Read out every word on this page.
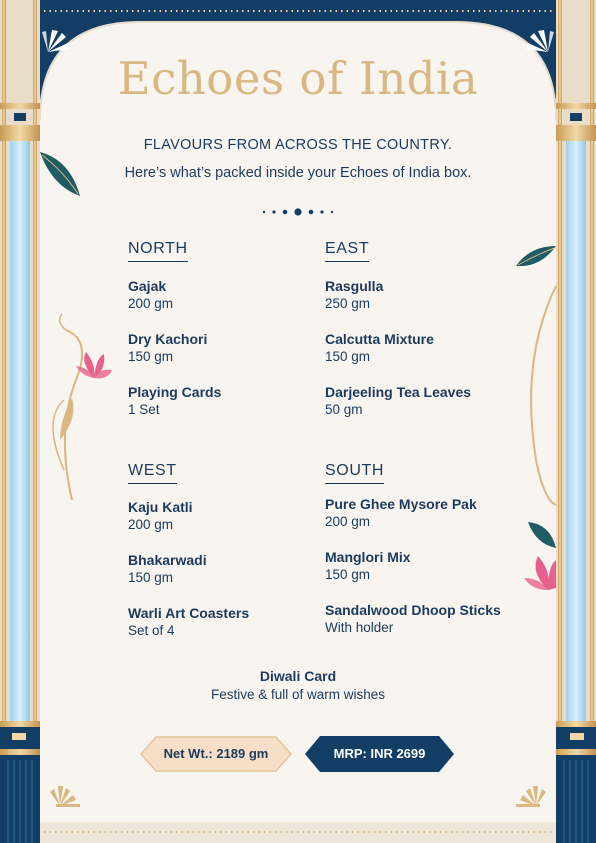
Echoes of India
FLAVOURS FROM ACROSS THE COUNTRY.
Here’s what’s packed inside your Echoes of India box.
NORTH
Gajak
200 gm
Dry Kachori
150 gm
Playing Cards
1 Set
EAST
Rasgulla
250 gm
Calcutta Mixture
150 gm
Darjeeling Tea Leaves
50 gm
WEST
Kaju Katli
200 gm
Bhakarwadi
150 gm
Warli Art Coasters
Set of 4
SOUTH
Pure Ghee Mysore Pak
200 gm
Manglori Mix
150 gm
Sandalwood Dhoop Sticks
With holder
Diwali Card
Festive & full of warm wishes
Net Wt.: 2189 gm	MRP: INR 2699
